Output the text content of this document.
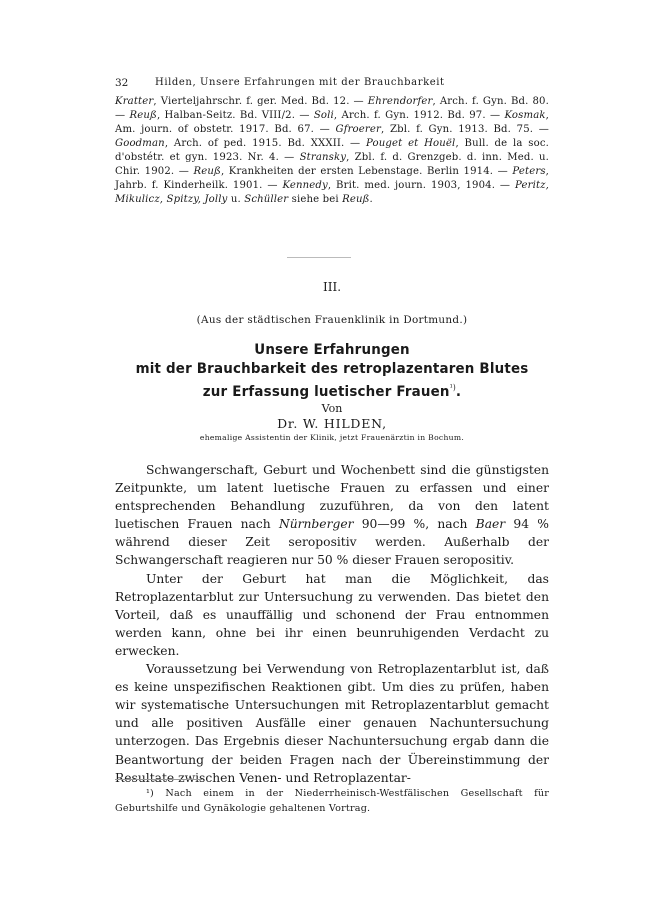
32	Hilden, Unsere Erfahrungen mit der Brauchbarkeit
Kratter, Vierteljahrschr. f. ger. Med. Bd. 12. — Ehrendorfer, Arch. f. Gyn. Bd. 80. — Reuß, Halban-Seitz. Bd. VIII/2. — Soli, Arch. f. Gyn. 1912. Bd. 97. — Kosmak, Am. journ. of obstetr. 1917. Bd. 67. — Gfroerer, Zbl. f. Gyn. 1913. Bd. 75. — Goodman, Arch. of ped. 1915. Bd. XXXII. — Pouget et Houël, Bull. de la soc. d'obstétr. et gyn. 1923. Nr. 4. — Stransky, Zbl. f. d. Grenzgeb. d. inn. Med. u. Chir. 1902. — Reuß, Krankheiten der ersten Lebenstage. Berlin 1914. — Peters, Jahrb. f. Kinderheilk. 1901. — Kennedy, Brit. med. journ. 1903, 1904. — Peritz, Mikulicz, Spitzy, Jolly u. Schüller siehe bei Reuß.
III.
(Aus der städtischen Frauenklinik in Dortmund.)
Unsere Erfahrungen
mit der Brauchbarkeit des retroplazentaren Blutes
zur Erfassung luetischer Frauen$^{^1)}$.
Von
Dr. W. HILDEN,
ehemalige Assistentin der Klinik, jetzt Frauenärztin in Bochum.

Schwangerschaft, Geburt und Wochenbett sind die günstigsten Zeitpunkte, um latent luetische Frauen zu erfassen und einer entsprechenden Behandlung zuzuführen, da von den latent luetischen Frauen nach Nürnberger 90—99 %, nach Baer 94 % während dieser Zeit seropositiv werden. Außerhalb der Schwangerschaft reagieren nur 50 % dieser Frauen seropositiv.

Unter der Geburt hat man die Möglichkeit, das Retroplazentarblut zur Untersuchung zu verwenden. Das bietet den Vorteil, daß es unauffällig und schonend der Frau entnommen werden kann, ohne bei ihr einen beunruhigenden Verdacht zu erwecken.

Voraussetzung bei Verwendung von Retroplazentarblut ist, daß es keine unspezifischen Reaktionen gibt. Um dies zu prüfen, haben wir systematische Untersuchungen mit Retroplazentarblut gemacht und alle positiven Ausfälle einer genauen Nachuntersuchung unterzogen. Das Ergebnis dieser Nachuntersuchung ergab dann die Beantwortung der beiden Fragen nach der Übereinstimmung der Resultate zwischen Venen- und Retroplazentar-

¹) Nach einem in der Niederrheinisch-Westfälischen Gesellschaft für Geburtshilfe und Gynäkologie gehaltenen Vortrag.
